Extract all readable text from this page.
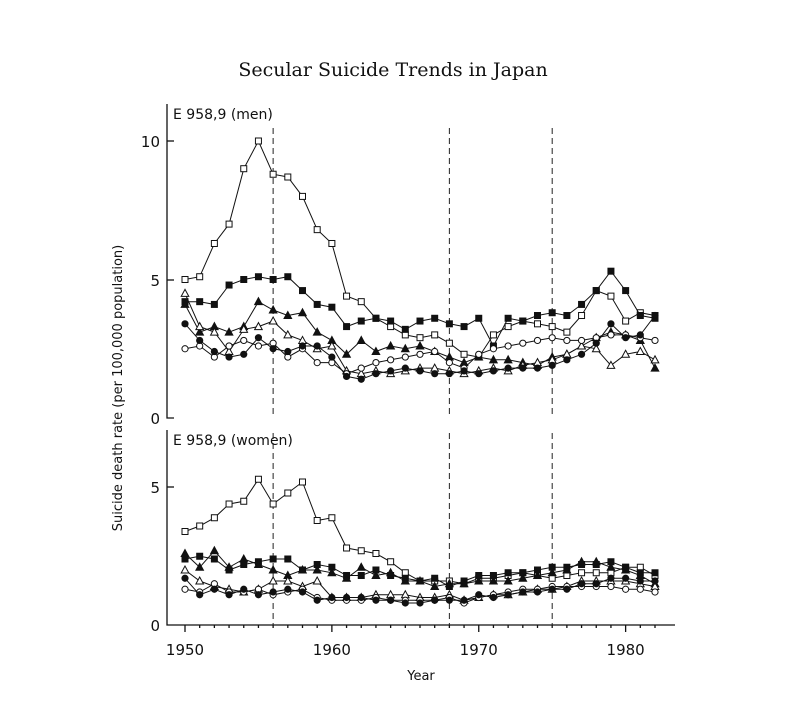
Secular Suicide Trends in Japan
Suicide death rate (per 100,000 population)
Year
E 958,9 (men)
10
5
0
E 958,9 (women)
5
0
1950	1960	1970	1980
